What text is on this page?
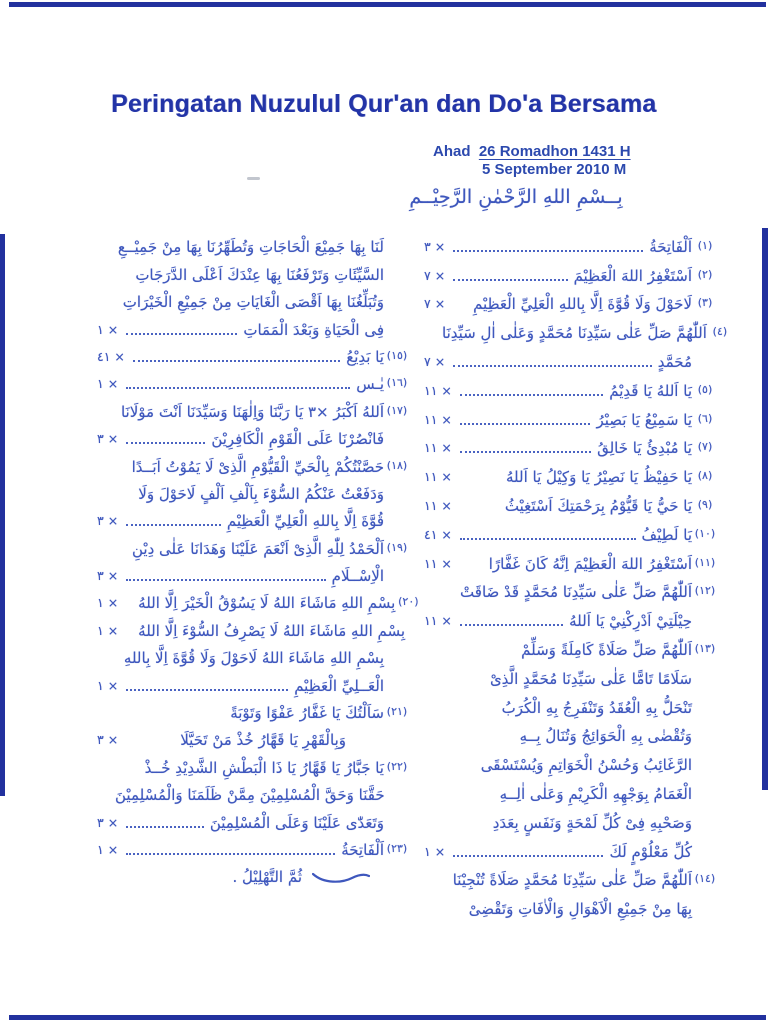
Peringatan Nuzulul Qur'an dan Do'a Bersama
Ahad 26 Romadhon 1431 H
5 September 2010 M
بِــسْمِ اللهِ الرَّحْمٰنِ الرَّحِيْــمِ
٣ ×	اَلْفَاتِحَةُ (١)
٧ ×	اَسْتَغْفِرُ اللهَ الْعَظِيْمَ (٢)
٧ × لَاحَوْلَ وَلَا قُوَّةَ اِلَّا بِاللهِ الْعَلِيِّ الْعَظِيْمِ (٣)
اَللّٰهُمَّ صَلِّ عَلٰى سَيِّدِنَا مُحَمَّدٍ وَعَلٰى اٰلِ سَيِّدِنَا (٤)
٧ ×	مُحَمَّدٍ
١١ ×	يَا اَللهُ يَا قَدِيْمُ (٥)
١١ ×	يَا سَمِيْعُ يَا بَصِيْرُ (٦)
١١ ×	يَا مُبْدِئُ يَا خَالِقُ (٧)
١١ ×	يَا حَفِيْظُ يَا نَصِيْرُ يَا وَكِيْلُ يَا اَللهُ (٨)
١١ ×	يَا حَيُّ يَا قَيُّوْمُ بِرَحْمَتِكَ اَسْتَغِيْثُ (٩)
٤١ ×	يَا لَطِيْفُ (١٠)
١١ × اَسْتَغْفِرُ اللهَ الْعَظِيْمَ اِنَّهُ كَانَ غَفَّارًا (١١)
اَللّٰهُمَّ صَلِّ عَلٰى سَيِّدِنَا مُحَمَّدٍ قَدْ ضَاقَتْ (١٢)
١١ ×	حِيْلَتِيْ اَدْرِكْنِيْ يَا اَللهُ
اَللّٰهُمَّ صَلِّ صَلَاةً كَامِلَةً وَسَلِّمْ (١٣)
سَلَامًا تَامًّا عَلٰى سَيِّدِنَا مُحَمَّدٍ الَّذِىْ
تَنْحَلُّ بِهِ الْعُقَدُ وَتَنْفَرِجُ بِهِ الْكُرَبُ
وَتُقْضٰى بِهِ الْحَوَائِجُ وَتُنَالُ بِــهِ
الرَّغَائِبُ وَحُسْنُ الْخَوَاتِمِ وَيُسْتَسْقَى
الْغَمَامُ بِوَجْهِهِ الْكَرِيْمِ وَعَلٰى اٰلِــهِ
وَصَحْبِهِ فِىْ كُلِّ لَمْحَةٍ وَنَفَسٍ بِعَدَدِ
١ ×	كُلِّ مَعْلُوْمٍ لَكَ
اَللّٰهُمَّ صَلِّ عَلٰى سَيِّدِنَا مُحَمَّدٍ صَلَاةً تُنْجِيْنَا (١٤)
بِهَا مِنْ جَمِيْعِ الْاَهْوَالِ وَالْاٰفَاتِ وَتَقْضِىْ
لَنَا بِهَا جَمِيْعَ الْحَاجَاتِ وَتُطَهِّرُنَا بِهَا مِنْ جَمِيْــعِ
السَّيِّئَاتِ وَتَرْفَعُنَا بِهَا عِنْدَكَ اَعْلَى الدَّرَجَاتِ
وَتُبَلِّغُنَا بِهَا اَقْصَى الْغَايَاتِ مِنْ جَمِيْعِ الْخَيْرَاتِ
١ ×	فِى الْحَيَاةِ وَبَعْدَ الْمَمَاتِ
٤١ ×	يَا بَدِيْعُ (١٥)
١ ×	يٰـس (١٦)
اَللهُ اَكْبَرُ ×٣ يَا رَبَّنَا وَاِلٰهَنَا وَسَيِّدَنَا اَنْتَ مَوْلَانَا (١٧)
٣ ×	فَانْصُرْنَا عَلَى الْقَوْمِ الْكَافِرِيْنَ
حَصَّنْتُكُمْ بِالْحَيِّ الْقَيُّوْمِ الَّذِىْ لَا يَمُوْتُ اَبَــدًا (١٨)
وَدَفَعْتُ عَنْكُمُ السُّوْءَ بِاَلْفِ اَلْفٍ لَاحَوْلَ وَلَا
٣ ×	قُوَّةَ اِلَّا بِاللهِ الْعَلِيِّ الْعَظِيْمِ
اَلْحَمْدُ لِلّٰهِ الَّذِىْ اَنْعَمَ عَلَيْنَا وَهَدَانَا عَلٰى دِيْنِ (١٩)
٣ ×	الْاِسْــلَامِ
١ × بِسْمِ اللهِ مَاشَاءَ اللهُ لَا يَسُوْقُ الْخَيْرَ اِلَّا اللهُ (٢٠)
١ × بِسْمِ اللهِ مَاشَاءَ اللهُ لَا يَصْرِفُ السُّوْءَ اِلَّا اللهُ
بِسْمِ اللهِ مَاشَاءَ اللهُ لَاحَوْلَ وَلَا قُوَّةَ اِلَّا بِاللهِ
١ ×	الْعَــلِيِّ الْعَظِيْمِ
سَاَلْتُكَ يَا غَفَّارُ عَفْوًا وَتَوْبَةً (٢١)
٣ ×	وَبِالْقَهْرِ يَا قَهَّارُ خُذْ مَنْ تَحَيَّلَا
يَا جَبَّارُ يَا قَهَّارُ يَا ذَا الْبَطْشِ الشَّدِيْدِ خُــذْ (٢٢)
حَقَّنَا وَحَقَّ الْمُسْلِمِيْنَ مِمَّنْ ظَلَمَنَا وَالْمُسْلِمِيْنَ
٣ ×	وَتَعَدّٰى عَلَيْنَا وَعَلَى الْمُسْلِمِيْنَ
١ ×	اَلْفَاتِحَةُ (٢٣)
ثُمَّ التَّهْلِيْلُ .
